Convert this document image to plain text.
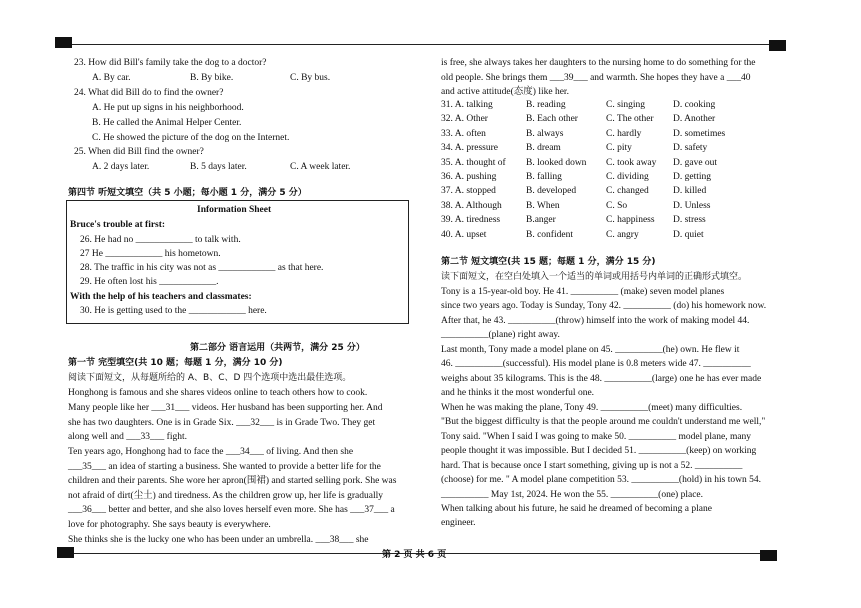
23. How did Bill's family take the dog to a doctor?
A. By car.	B. By bike.	C. By bus.
24. What did Bill do to find the owner?
A. He put up signs in his neighborhood.
B. He called the Animal Helper Center.
C. He showed the picture of the dog on the Internet.
25. When did Bill find the owner?
A. 2 days later.	B. 5 days later.	C. A week later.
第四节 听短文填空（共 5 小题；每小题 1 分，满分 5 分）
Information Sheet
Bruce's trouble at first:
26. He had no ____________ to talk with.
27 He ____________ his hometown.
28. The traffic in his city was not as ____________ as that here.
29. He often lost his ____________.
With the help of his teachers and classmates:
30. He is getting used to the ____________ here.
第二部分 语言运用（共两节，满分 25 分）
第一节 完型填空(共 10 题；每题 1 分，满分 10 分)
阅读下面短文，从每题所给的 A、B、C、D 四个选项中选出最佳选项。
Honghong is famous and she shares videos online to teach others how to cook.
Many people like her ___31___ videos. Her husband has been supporting her. And
she has two daughters. One is in Grade Six. ___32___ is in Grade Two. They get
along well and ___33___ fight.
Ten years ago, Honghong had to face the ___34___ of living. And then she
___35___ an idea of starting a business. She wanted to provide a better life for the
children and their parents. She wore her apron(围裙) and started selling pork. She was
not afraid of dirt(尘土) and tiredness. As the children grow up, her life is gradually
___36___ better and better, and she also loves herself even more. She has ___37___ a
love for photography. She says beauty is everywhere.
She thinks she is the lucky one who has been under an umbrella. ___38___ she
is free, she always takes her daughters to the nursing home to do something for the
old people. She brings them ___39___ and warmth. She hopes they have a ___40
and active attitude(态度) like her.
31. A. talking	B. reading	C. singing	D. cooking
32. A. Other	B. Each other	C. The other D. Another
33. A. often	B. always	C. hardly	D. sometimes
34. A. pressure	B. dream	C. pity	D. safety
35. A. thought of B. looked down C. took away D. gave out
36. A. pushing	B. falling	C. dividing	D. getting
37. A. stopped	B. developed	C. changed	D. killed
38. A. Although	B. When	C. So	D. Unless
39. A. tiredness	B.anger	C. happiness D. stress
40. A. upset	B. confident	C. angry	D. quiet
第二节 短文填空(共 15 题；每题 1 分，满分 15 分)
读下面短文，在空白处填入一个适当的单词或用括号内单词的正确形式填空。
Tony is a 15-year-old boy. He 41. __________ (make) seven model planes
since two years ago. Today is Sunday, Tony 42. __________ (do) his homework now.
After that, he 43. __________(throw) himself into the work of making model 44.
__________(plane) right away.
Last month, Tony made a model plane on 45. __________(he) own. He flew it
46. __________(successful). His model plane is 0.8 meters wide 47. __________
weighs about 35 kilograms. This is the 48. __________(large) one he has ever made
and he thinks it the most wonderful one.
When he was making the plane, Tony 49. __________(meet) many difficulties.
"But the biggest difficulty is that the people around me couldn't understand me well,"
Tony said. "When I said I was going to make 50. __________ model plane, many
people thought it was impossible. But I decided 51. __________(keep) on working
hard. That is because once I start something, giving up is not a 52. __________
(choose) for me. " A model plane competition 53. __________(hold) in his town 54.
__________ May 1st, 2024. He won the 55. __________(one) place.
When talking about his future, he said he dreamed of becoming a plane
engineer.
第 2 页 共 6 页
